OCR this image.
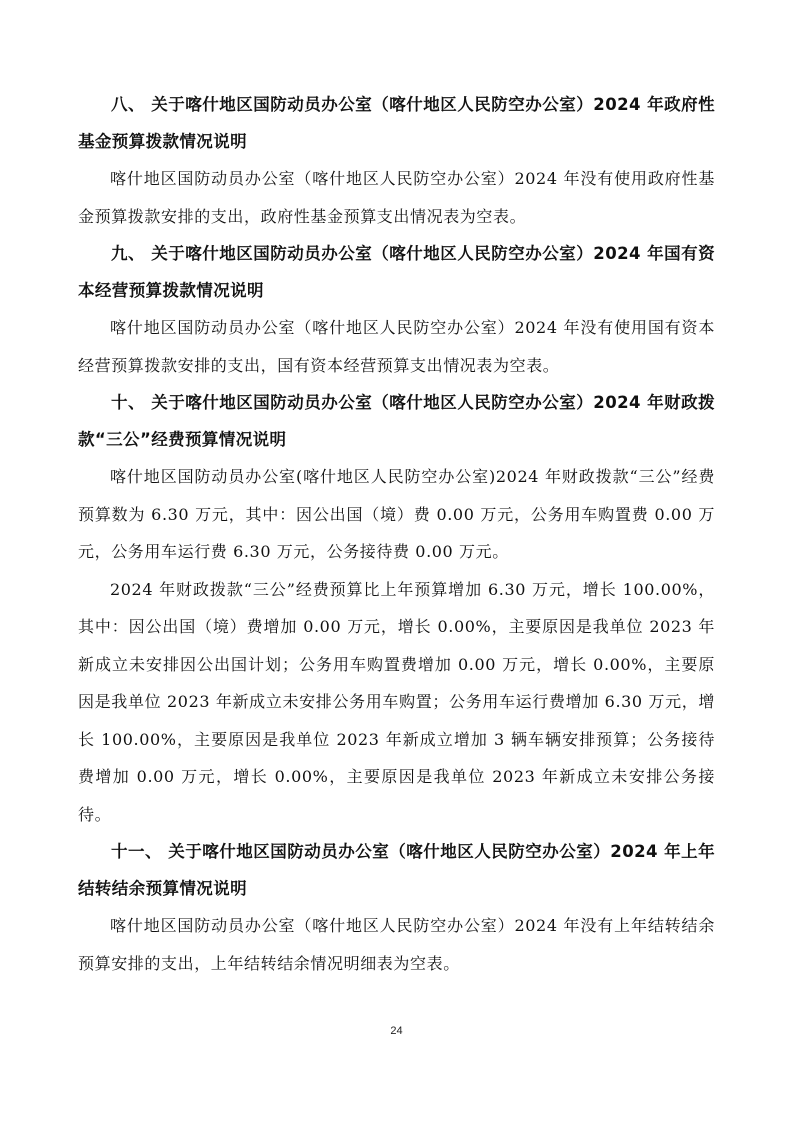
八、 关于喀什地区国防动员办公室（喀什地区人民防空办公室）2024 年政府性基金预算拨款情况说明

喀什地区国防动员办公室（喀什地区人民防空办公室）2024 年没有使用政府性基金预算拨款安排的支出，政府性基金预算支出情况表为空表。

九、 关于喀什地区国防动员办公室（喀什地区人民防空办公室）2024 年国有资本经营预算拨款情况说明

喀什地区国防动员办公室（喀什地区人民防空办公室）2024 年没有使用国有资本经营预算拨款安排的支出，国有资本经营预算支出情况表为空表。

十、 关于喀什地区国防动员办公室（喀什地区人民防空办公室）2024 年财政拨款“三公”经费预算情况说明

喀什地区国防动员办公室(喀什地区人民防空办公室)2024 年财政拨款“三公”经费预算数为 6.30 万元，其中：因公出国（境）费 0.00 万元，公务用车购置费 0.00 万元，公务用车运行费 6.30 万元，公务接待费 0.00 万元。

2024 年财政拨款“三公”经费预算比上年预算增加 6.30 万元，增长 100.00%，其中：因公出国（境）费增加 0.00 万元，增长 0.00%，主要原因是我单位 2023 年新成立未安排因公出国计划；公务用车购置费增加 0.00 万元，增长 0.00%，主要原因是我单位 2023 年新成立未安排公务用车购置；公务用车运行费增加 6.30 万元，增长 100.00%，主要原因是我单位 2023 年新成立增加 3 辆车辆安排预算；公务接待费增加 0.00 万元，增长 0.00%，主要原因是我单位 2023 年新成立未安排公务接待。

十一、 关于喀什地区国防动员办公室（喀什地区人民防空办公室）2024 年上年结转结余预算情况说明

喀什地区国防动员办公室（喀什地区人民防空办公室）2024 年没有上年结转结余预算安排的支出，上年结转结余情况明细表为空表。

24
